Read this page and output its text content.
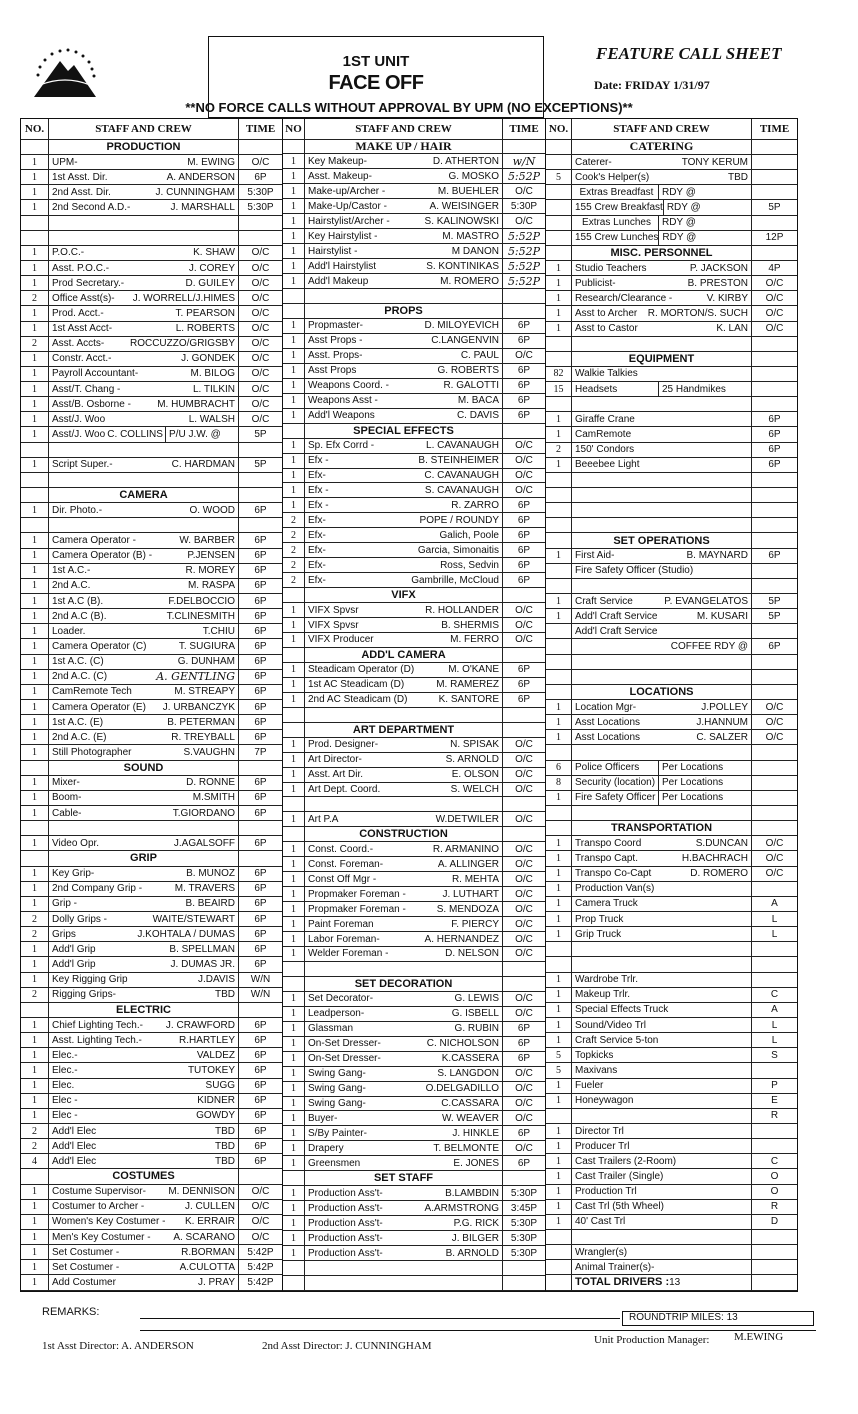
1ST UNIT
FACE OFF
FEATURE CALL SHEET
Date: FRIDAY 1/31/97
**NO FORCE CALLS WITHOUT APPROVAL BY UPM (NO EXCEPTIONS)**
NO.	STAFF AND CREW	TIME
PRODUCTION
1	UPM-	M. EWING	O/C
1	1st Asst. Dir.	A. ANDERSON	6P
1	2nd Asst. Dir.	J. CUNNINGHAM	5:30P
1	2nd Second A.D.-	J. MARSHALL	5:30P
1	P.O.C.-	K. SHAW	O/C
1	Asst. P.O.C.-	J. COREY	O/C
1	Prod Secretary.-	D. GUILEY	O/C
2	Office Asst(s)- J. WORRELL/J.HIMES	O/C
1	Prod. Acct.-	T. PEARSON	O/C
1	1st Asst Acct-	L. ROBERTS	O/C
2	Asst. Accts-	ROCCUZZO/GRIGSBY	O/C
1	Constr. Acct.-	J. GONDEK	O/C
1	Payroll Accountant-	M. BILOG	O/C
1	Asst/T. Chang -	L. TILKIN	O/C
1	Asst/B. Osborne -	M. HUMBRACHT	O/C
1	Asst/J. Woo	L. WALSH	O/C
1	Asst/J. Woo C. COLLINS P/U J.W. @	5P
1	Script Super.-	C. HARDMAN	5P
CAMERA
1	Dir. Photo.-	O. WOOD	6P
1	Camera Operator -	W. BARBER	6P
1	Camera Operator (B) -	P.JENSEN	6P
1	1st A.C.-	R. MOREY	6P
1	2nd A.C.	M. RASPA	6P
1	1st A.C (B).	F.DELBOCCIO	6P
1	2nd A.C (B).	T.CLINESMITH	6P
1	Loader.	T.CHIU	6P
1	Camera Operator (C)	T. SUGIURA	6P
1	1st A.C. (C)	G. DUNHAM	6P
1	2nd A.C. (C)	A. GENTLING	6P
1	CamRemote Tech	M. STREAPY	6P
1	Camera Operator (E) J. URBANCZYK	6P
1	1st A.C. (E)	B. PETERMAN	6P
1	2nd A.C. (E)	R. TREYBALL	6P
1	Still Photographer	S.VAUGHN	7P
SOUND
1	Mixer-	D. RONNE	6P
1	Boom-	M.SMITH	6P
1	Cable-	T.GIORDANO	6P
1	Video Opr.	J.AGALSOFF	6P
GRIP
1	Key Grip-	B. MUNOZ	6P
1	2nd Company Grip -	M. TRAVERS	6P
1	Grip -	B. BEAIRD	6P
2	Dolly Grips -	WAITE/STEWART	6P
2	Grips	J.KOHTALA / DUMAS	6P
1	Add'l Grip	B. SPELLMAN	6P
1	Add'l Grip	J. DUMAS JR.	6P
1	Key Rigging Grip	J.DAVIS	W/N
2	Rigging Grips-	TBD	W/N
ELECTRIC
1	Chief Lighting Tech.- J. CRAWFORD	6P
1	Asst. Lighting Tech.-	R.HARTLEY	6P
1	Elec.-	VALDEZ	6P
1	Elec.-	TUTOKEY	6P
1	Elec.	SUGG	6P
1	Elec -	KIDNER	6P
1	Elec -	GOWDY	6P
2	Add'l Elec	TBD	6P
2	Add'l Elec	TBD	6P
4	Add'l Elec	TBD	6P
COSTUMES
1	Costume Supervisor- M. DENNISON	O/C
1	Costumer to Archer -	J. CULLEN	O/C
1	Women's Key Costumer - K. ERRAIR	O/C
1	Men's Key Costumer - A. SCARANO	O/C
1	Set Costumer -	R.BORMAN	5:42P
1	Set Costumer -	A.CULOTTA	5:42P
1	Add Costumer	J. PRAY	5:42P
NO	STAFF AND CREW	TIME
MAKE UP / HAIR
1	Key Makeup-	D. ATHERTON	w/N
1	Asst. Makeup-	G. MOSKO 5:52P
1	Make-up/Archer -	M. BUEHLER	O/C
1	Make-Up/Castor -	A. WEISINGER	5:30P
1	Hairstylist/Archer -	S. KALINOWSKI	O/C
1	Key Hairstylist -	M. MASTRO 5:52P
1	Hairstylist -	M DANON 5:52P
1	Add'l Hairstylist	S. KONTINIKAS 5:52P
1	Add'l Makeup	M. ROMERO 5:52P
PROPS
1	Propmaster-	D. MILOYEVICH	6P
1	Asst Props -	C.LANGENVIN	6P
1	Asst. Props-	C. PAUL	O/C
1	Asst Props	G. ROBERTS	6P
1	Weapons Coord. -	R. GALOTTI	6P
1	Weapons Asst -	M. BACA	6P
1	Add'l Weapons	C. DAVIS	6P
SPECIAL EFFECTS
1	Sp. Efx Corrd -	L. CAVANAUGH	O/C
1	Efx -	B. STEINHEIMER	O/C
1	Efx-	C. CAVANAUGH	O/C
1	Efx -	S. CAVANAUGH	O/C
1	Efx -	R. ZARRO	6P
2	Efx-	POPE / ROUNDY	6P
2	Efx-	Galich, Poole	6P
2	Efx-	Garcia, Simonaitis	6P
2	Efx-	Ross, Sedvin	6P
2	Efx-	Gambrille, McCloud	6P
VIFX
1	VIFX Spvsr	R. HOLLANDER	O/C
1	VIFX Spvsr	B. SHERMIS	O/C
1	VIFX Producer	M. FERRO	O/C
ADD'L CAMERA
1	Steadicam Operator (D)	M. O'KANE	6P
1	1st AC Steadicam (D)	M. RAMEREZ	6P
1	2nd AC Steadicam (D)	K. SANTORE	6P
ART DEPARTMENT
1	Prod. Designer-	N. SPISAK	O/C
1	Art Director-	S. ARNOLD	O/C
1	Asst. Art Dir.	E. OLSON	O/C
1	Art Dept. Coord.	S. WELCH	O/C
1	Art P.A	W.DETWILER	O/C
CONSTRUCTION
1	Const. Coord.-	R. ARMANINO	O/C
1	Const. Foreman-	A. ALLINGER	O/C
1	Const Off Mgr -	R. MEHTA	O/C
1	Propmaker Foreman -	J. LUTHART	O/C
1	Propmaker Foreman -	S. MENDOZA	O/C
1	Paint Foreman	F. PIERCY	O/C
1	Labor Foreman-	A. HERNANDEZ	O/C
1	Welder Foreman -	D. NELSON	O/C
SET DECORATION
1	Set Decorator-	G. LEWIS	O/C
1	Leadperson-	G. ISBELL	O/C
1	Glassman	G. RUBIN	6P
1	On-Set Dresser-	C. NICHOLSON	6P
1	On-Set Dresser-	K.CASSERA	6P
1	Swing Gang-	S. LANGDON	O/C
1	Swing Gang-	O.DELGADILLO	O/C
1	Swing Gang-	C.CASSARA	O/C
1	Buyer-	W. WEAVER	O/C
1	S/By Painter-	J. HINKLE	6P
1	Drapery	T. BELMONTE	O/C
1	Greensmen	E. JONES	6P
SET STAFF
1	Production Ass't-	B.LAMBDIN	5:30P
1	Production Ass't-	A.ARMSTRONG	3:45P
1	Production Ass't-	P.G. RICK	5:30P
1	Production Ass't-	J. BILGER	5:30P
1	Production Ass't-	B. ARNOLD	5:30P
NO.	STAFF AND CREW	TIME
CATERING
Caterer-	TONY KERUM
5	Cook's Helper(s)	TBD
Extras Breadfast RDY @
155 Crew Breakfast RDY @	5P
Extras Lunches	RDY @
155 Crew Lunches RDY @	12P
MISC. PERSONNEL
1	Studio Teachers	P. JACKSON	4P
1	Publicist-	B. PRESTON	O/C
1	Research/Clearance -	V. KIRBY	O/C
1	Asst to Archer R. MORTON/S. SUCH	O/C
1	Asst to Castor	K. LAN	O/C
EQUIPMENT
82	Walkie Talkies
15	Headsets	25 Handmikes
1	Giraffe Crane	6P
1	CamRemote	6P
2	150' Condors	6P
1	Beeebee Light	6P
SET OPERATIONS
1	First Aid-	B. MAYNARD	6P
Fire Safety Officer (Studio)
1	Craft Service	P. EVANGELATOS	5P
1	Add'l Craft Service	M. KUSARI	5P
Add'l Craft Service
COFFEE RDY @	6P
LOCATIONS
1	Location Mgr-	J.POLLEY	O/C
1	Asst Locations	J.HANNUM	O/C
1	Asst Locations	C. SALZER	O/C
6	Police Officers	Per Locations
8	Security (location) Per Locations
1	Fire Safety Officer Per Locations
TRANSPORTATION
1	Transpo Coord	S.DUNCAN	O/C
1	Transpo Capt.	H.BACHRACH	O/C
1	Transpo Co-Capt	D. ROMERO	O/C
1	Production Van(s)
1	Camera Truck	A
1	Prop Truck	L
1	Grip Truck	L
1	Wardrobe Trlr.
1	Makeup Trlr.	C
1	Special Effects Truck	A
1	Sound/Video Trl	L
1	Craft Service 5-ton	L
5	Topkicks	S
5	Maxivans
1	Fueler	P
1	Honeywagon	E
R
1	Director Trl
1	Producer Trl
1	Cast Trailers (2-Room)	C
1	Cast Trailer (Single)	O
1	Production Trl	O
1	Cast Trl (5th Wheel)	R
1	40' Cast Trl	D
Wrangler(s)
Animal Trainer(s)-
TOTAL DRIVERS : 13
REMARKS:	ROUNDTRIP MILES: 13
1st Asst Director: A. ANDERSON	2nd Asst Director: J. CUNNINGHAM	Unit Production Manager: M.EWING
